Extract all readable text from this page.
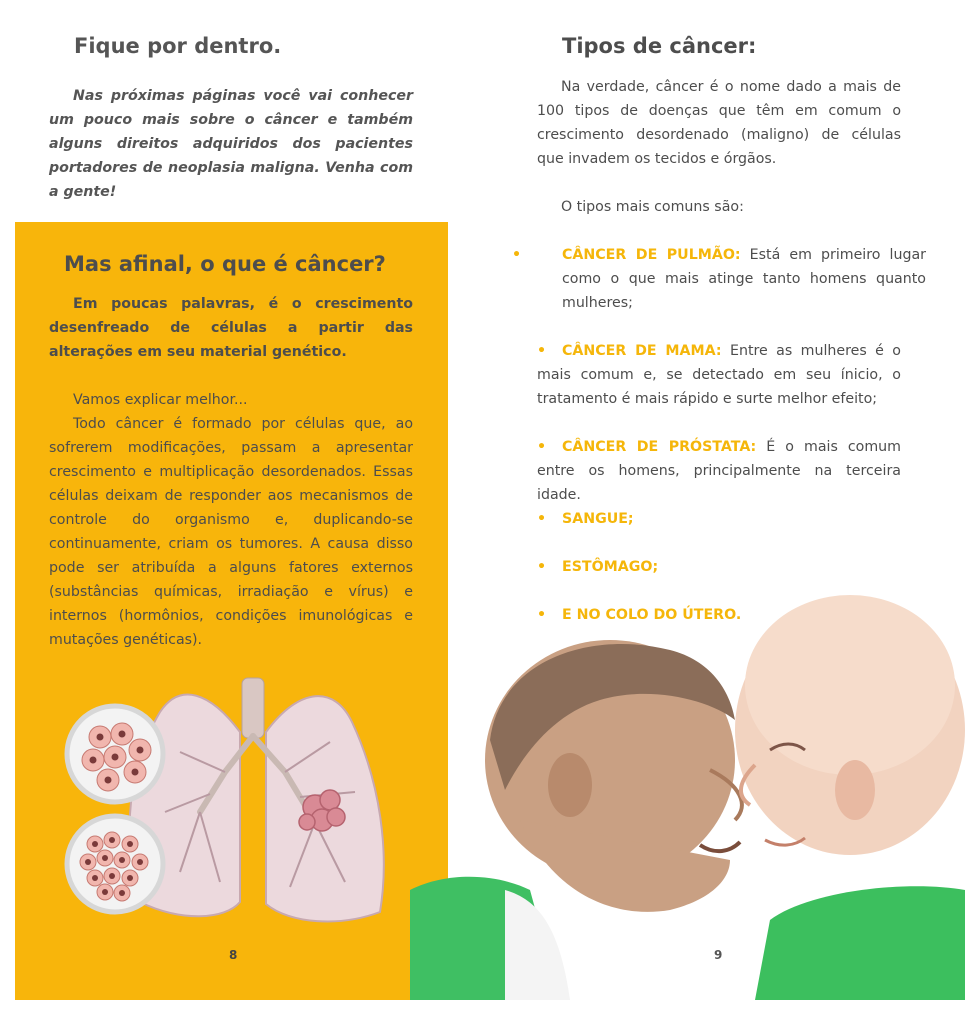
Fique por dentro.

Nas próximas páginas você vai conhecer um pouco mais sobre o câncer e também alguns direitos adquiridos dos pacientes portadores de neoplasia maligna. Venha com a gente!

Mas afinal, o que é câncer?

Em poucas palavras, é o crescimento desenfreado de células a partir das alterações em seu material genético.

Vamos explicar melhor...

Todo câncer é formado por células que, ao sofrerem modificações, passam a apresentar crescimento e multiplicação desordenados. Essas células deixam de responder aos mecanismos de controle do organismo e, duplicando-se continuamente, criam os tumores. A causa disso pode ser atribuída a alguns fatores externos (substâncias químicas, irradiação e vírus) e internos (hormônios, condições imunológicas e mutações genéticas).

8
Tipos de câncer:

Na verdade, câncer é o nome dado a mais de 100 tipos de doenças que têm em comum o crescimento desordenado (maligno) de células que invadem os tecidos e órgãos.

O tipos mais comuns são:

•	CÂNCER DE PULMÃO: Está em primeiro lugar como o que mais atinge tanto homens quanto mulheres;

• CÂNCER DE MAMA: Entre as mulheres é o mais comum e, se detectado em seu ínicio, o tratamento é mais rápido e surte melhor efeito;

• CÂNCER DE PRÓSTATA: É o mais comum entre os homens, principalmente na terceira idade.

• SANGUE;

• ESTÔMAGO;

• E NO COLO DO ÚTERO.

9
